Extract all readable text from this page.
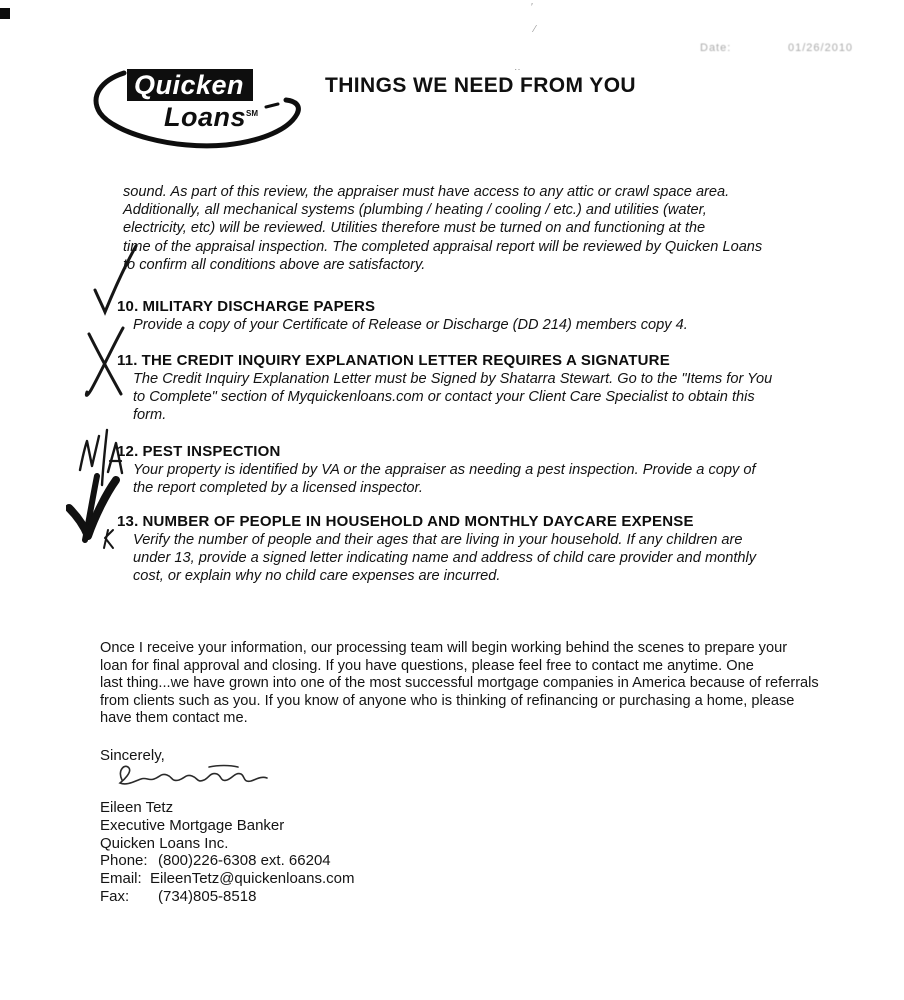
′
⁄
‥
Date:	01/26/2010
Quicken
Loans℠
THINGS WE NEED FROM YOU
sound. As part of this review, the appraiser must have access to any attic or crawl space area.
Additionally, all mechanical systems (plumbing / heating / cooling / etc.) and utilities (water,
electricity, etc) will be reviewed. Utilities therefore must be turned on and functioning at the
time of the appraisal inspection. The completed appraisal report will be reviewed by Quicken Loans
to confirm all conditions above are satisfactory.
10. MILITARY DISCHARGE PAPERS
Provide a copy of your Certificate of Release or Discharge (DD 214) members copy 4.
11. THE CREDIT INQUIRY EXPLANATION LETTER REQUIRES A SIGNATURE
The Credit Inquiry Explanation Letter must be Signed by Shatarra Stewart. Go to the "Items for You
to Complete" section of Myquickenloans.com or contact your Client Care Specialist to obtain this
form.
12. PEST INSPECTION
Your property is identified by VA or the appraiser as needing a pest inspection. Provide a copy of
the report completed by a licensed inspector.
13. NUMBER OF PEOPLE IN HOUSEHOLD AND MONTHLY DAYCARE EXPENSE
Verify the number of people and their ages that are living in your household. If any children are
under 13, provide a signed letter indicating name and address of child care provider and monthly
cost, or explain why no child care expenses are incurred.
Once I receive your information, our processing team will begin working behind the scenes to prepare your
loan for final approval and closing. If you have questions, please feel free to contact me anytime. One
last thing...we have grown into one of the most successful mortgage companies in America because of referrals
from clients such as you. If you know of anyone who is thinking of refinancing or purchasing a home, please
have them contact me.
Sincerely,
Eileen Tetz
Executive Mortgage Banker
Quicken Loans Inc.
Phone: (800)226-6308 ext. 66204
Email: EileenTetz@quickenloans.com
Fax: (734)805-8518
